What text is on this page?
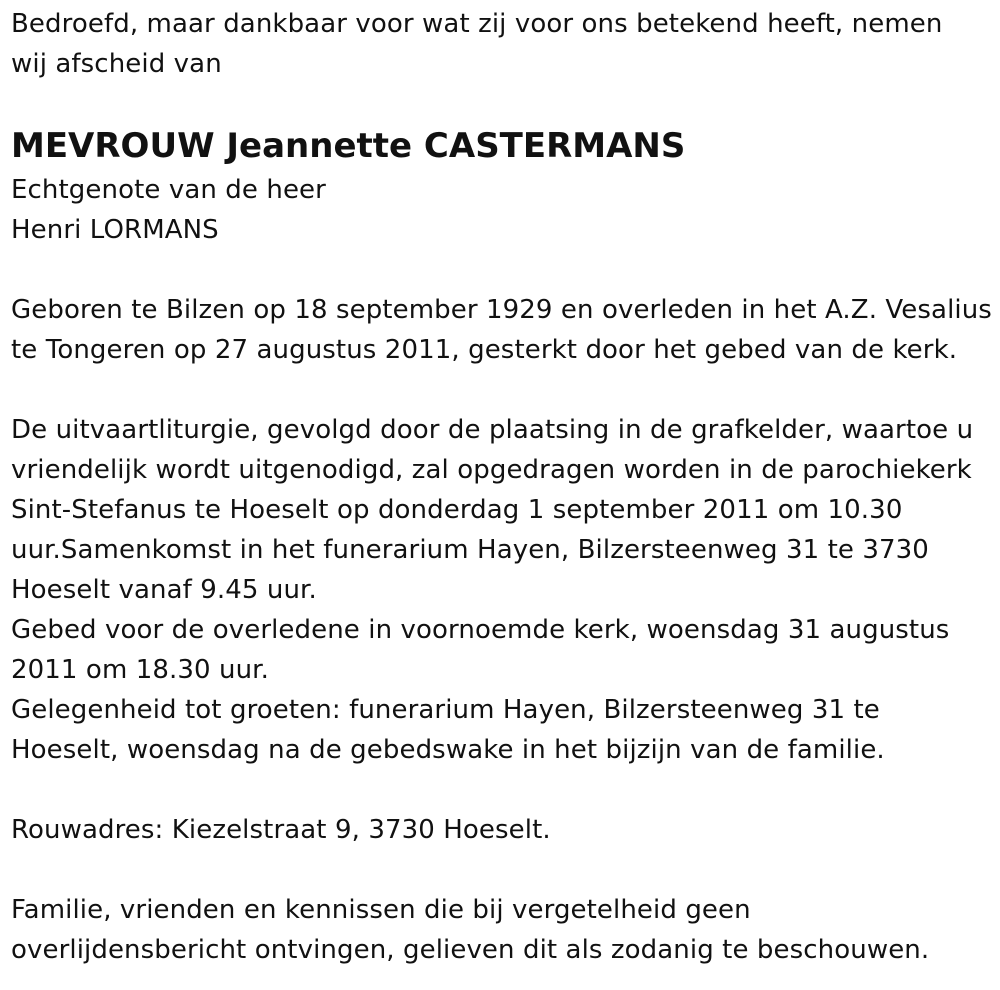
Bedroefd, maar dankbaar voor wat zij voor ons betekend heeft, nemen
wij afscheid van
MEVROUW Jeannette CASTERMANS
Echtgenote van de heer
Henri LORMANS
Geboren te Bilzen op 18 september 1929 en overleden in het A.Z. Vesalius
te Tongeren op 27 augustus 2011, gesterkt door het gebed van de kerk.
De uitvaartliturgie, gevolgd door de plaatsing in de grafkelder, waartoe u
vriendelijk wordt uitgenodigd, zal opgedragen worden in de parochiekerk
Sint-Stefanus te Hoeselt op donderdag 1 september 2011 om 10.30
uur.Samenkomst in het funerarium Hayen, Bilzersteenweg 31 te 3730
Hoeselt vanaf 9.45 uur.
Gebed voor de overledene in voornoemde kerk, woensdag 31 augustus
2011 om 18.30 uur.
Gelegenheid tot groeten: funerarium Hayen, Bilzersteenweg 31 te
Hoeselt, woensdag na de gebedswake in het bijzijn van de familie.
Rouwadres: Kiezelstraat 9, 3730 Hoeselt.
Familie, vrienden en kennissen die bij vergetelheid geen
overlijdensbericht ontvingen, gelieven dit als zodanig te beschouwen.
